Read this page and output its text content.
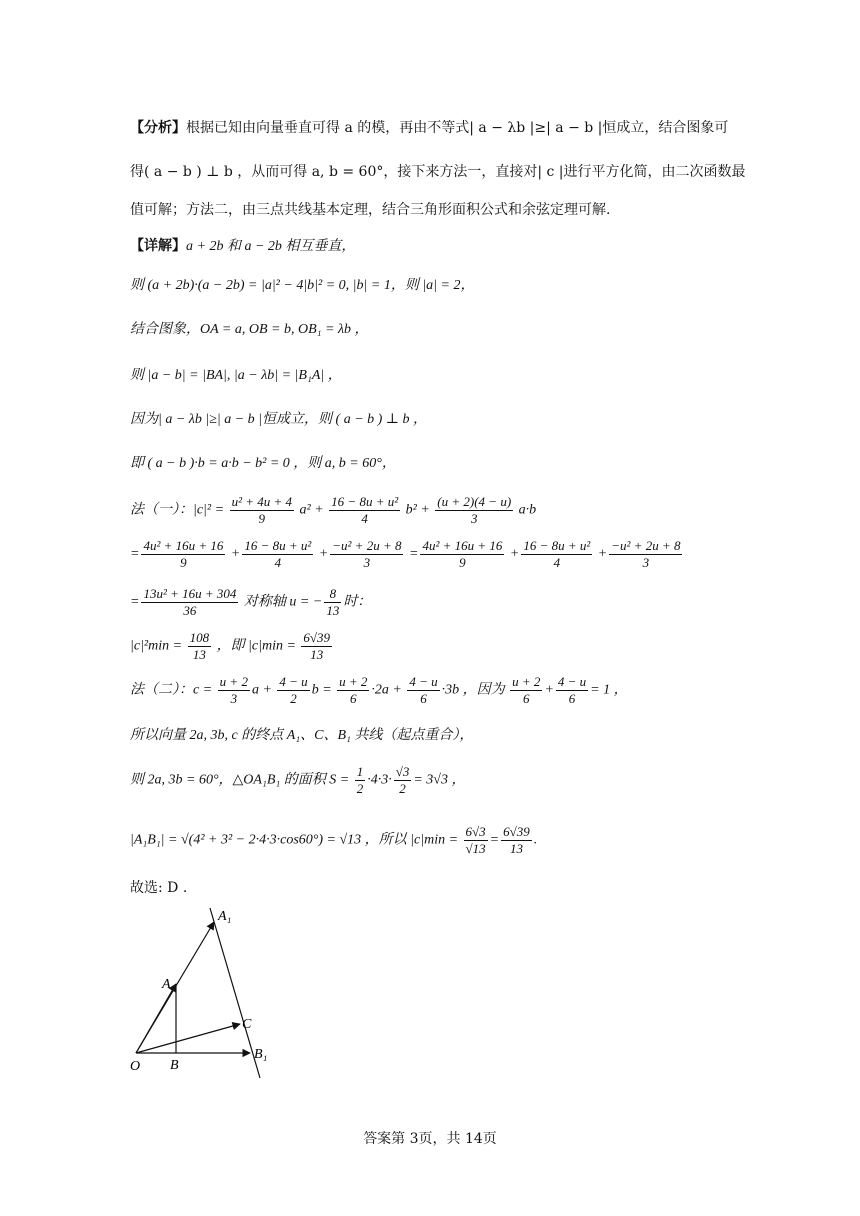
【分析】根据已知由向量垂直可得 a 的模，再由不等式| a − λb |≥| a − b |恒成立，结合图象可
得( a − b ) ⊥ b ，从而可得 a, b = 60°，接下来方法一，直接对| c |进行平方化简，由二次函数最
值可解；方法二，由三点共线基本定理，结合三角形面积公式和余弦定理可解.
【详解】a + 2b 和 a − 2b 相互垂直，
则 (a + 2b)·(a − 2b) = |a|² − 4|b|² = 0, |b| = 1，则 |a| = 2，
结合图象，OA = a, OB = b, OB₁ = λb ，
则 |a − b| = |BA|, |a − λb| = |B₁A| ，
因为| a − λb |≥| a − b |恒成立，则 ( a − b ) ⊥ b ，
即 ( a − b )·b = a·b − b² = 0 ，则 a, b = 60°，
法（一）：$|c|^2 = \frac{\text{u² + 4u + 4}}{9} a^2 + \frac{\text{16 − 8u + u²}}{4} b^2 + \frac{(u + 2)(4 - u)}{3} a\cdot b$
= $\frac{\text{4u² + 16u + 16}}{9} + \frac{\text{16 − 8u + u²}}{4} + \frac{\text{−u² + 2u + 8}}{3} = \frac{\text{4u² + 16u + 16}}{9} + \frac{\text{16 − 8u + u²}}{4} + \frac{\text{−u² + 2u + 8}}{3}$
= $\frac{\text{13u² + 16u + 304}}{36}$ 对称轴 u = − $\frac{8}{13}$ 时：
$|c|^2\min = \frac{108}{13}$ ，即 $|c|\min = \frac{6√39}{13}$
法（二）：$c = \frac{u + 2}{3}$ $a + \frac{4 - u}{2}$ $b = \frac{u + 2}{6} \cdot 2a + \frac{4 - u}{6} \cdot 3b$ ，因为 $\frac{u + 2}{6} + \frac{4 - u}{6} = 1$ ，
所以向量 2a, 3b, c 的终点 A₁、C、B₁ 共线（起点重合），
则 2a, 3b = 60°，△OA₁B₁ 的面积 $S = \frac{1}{2} \cdot 4\cdot 3\cdot \frac{√3}{2} = 3√3$ ，
|A₁B₁| = √(4² + 3² − 2·4·3·cos60°) = √13 ，所以 $|c|\min = \frac{6√3}{√13} = \frac{6√39}{13}$ .
故选: D .
O
A
B
A₁
C
B₁
答案第 3页，共 14页
